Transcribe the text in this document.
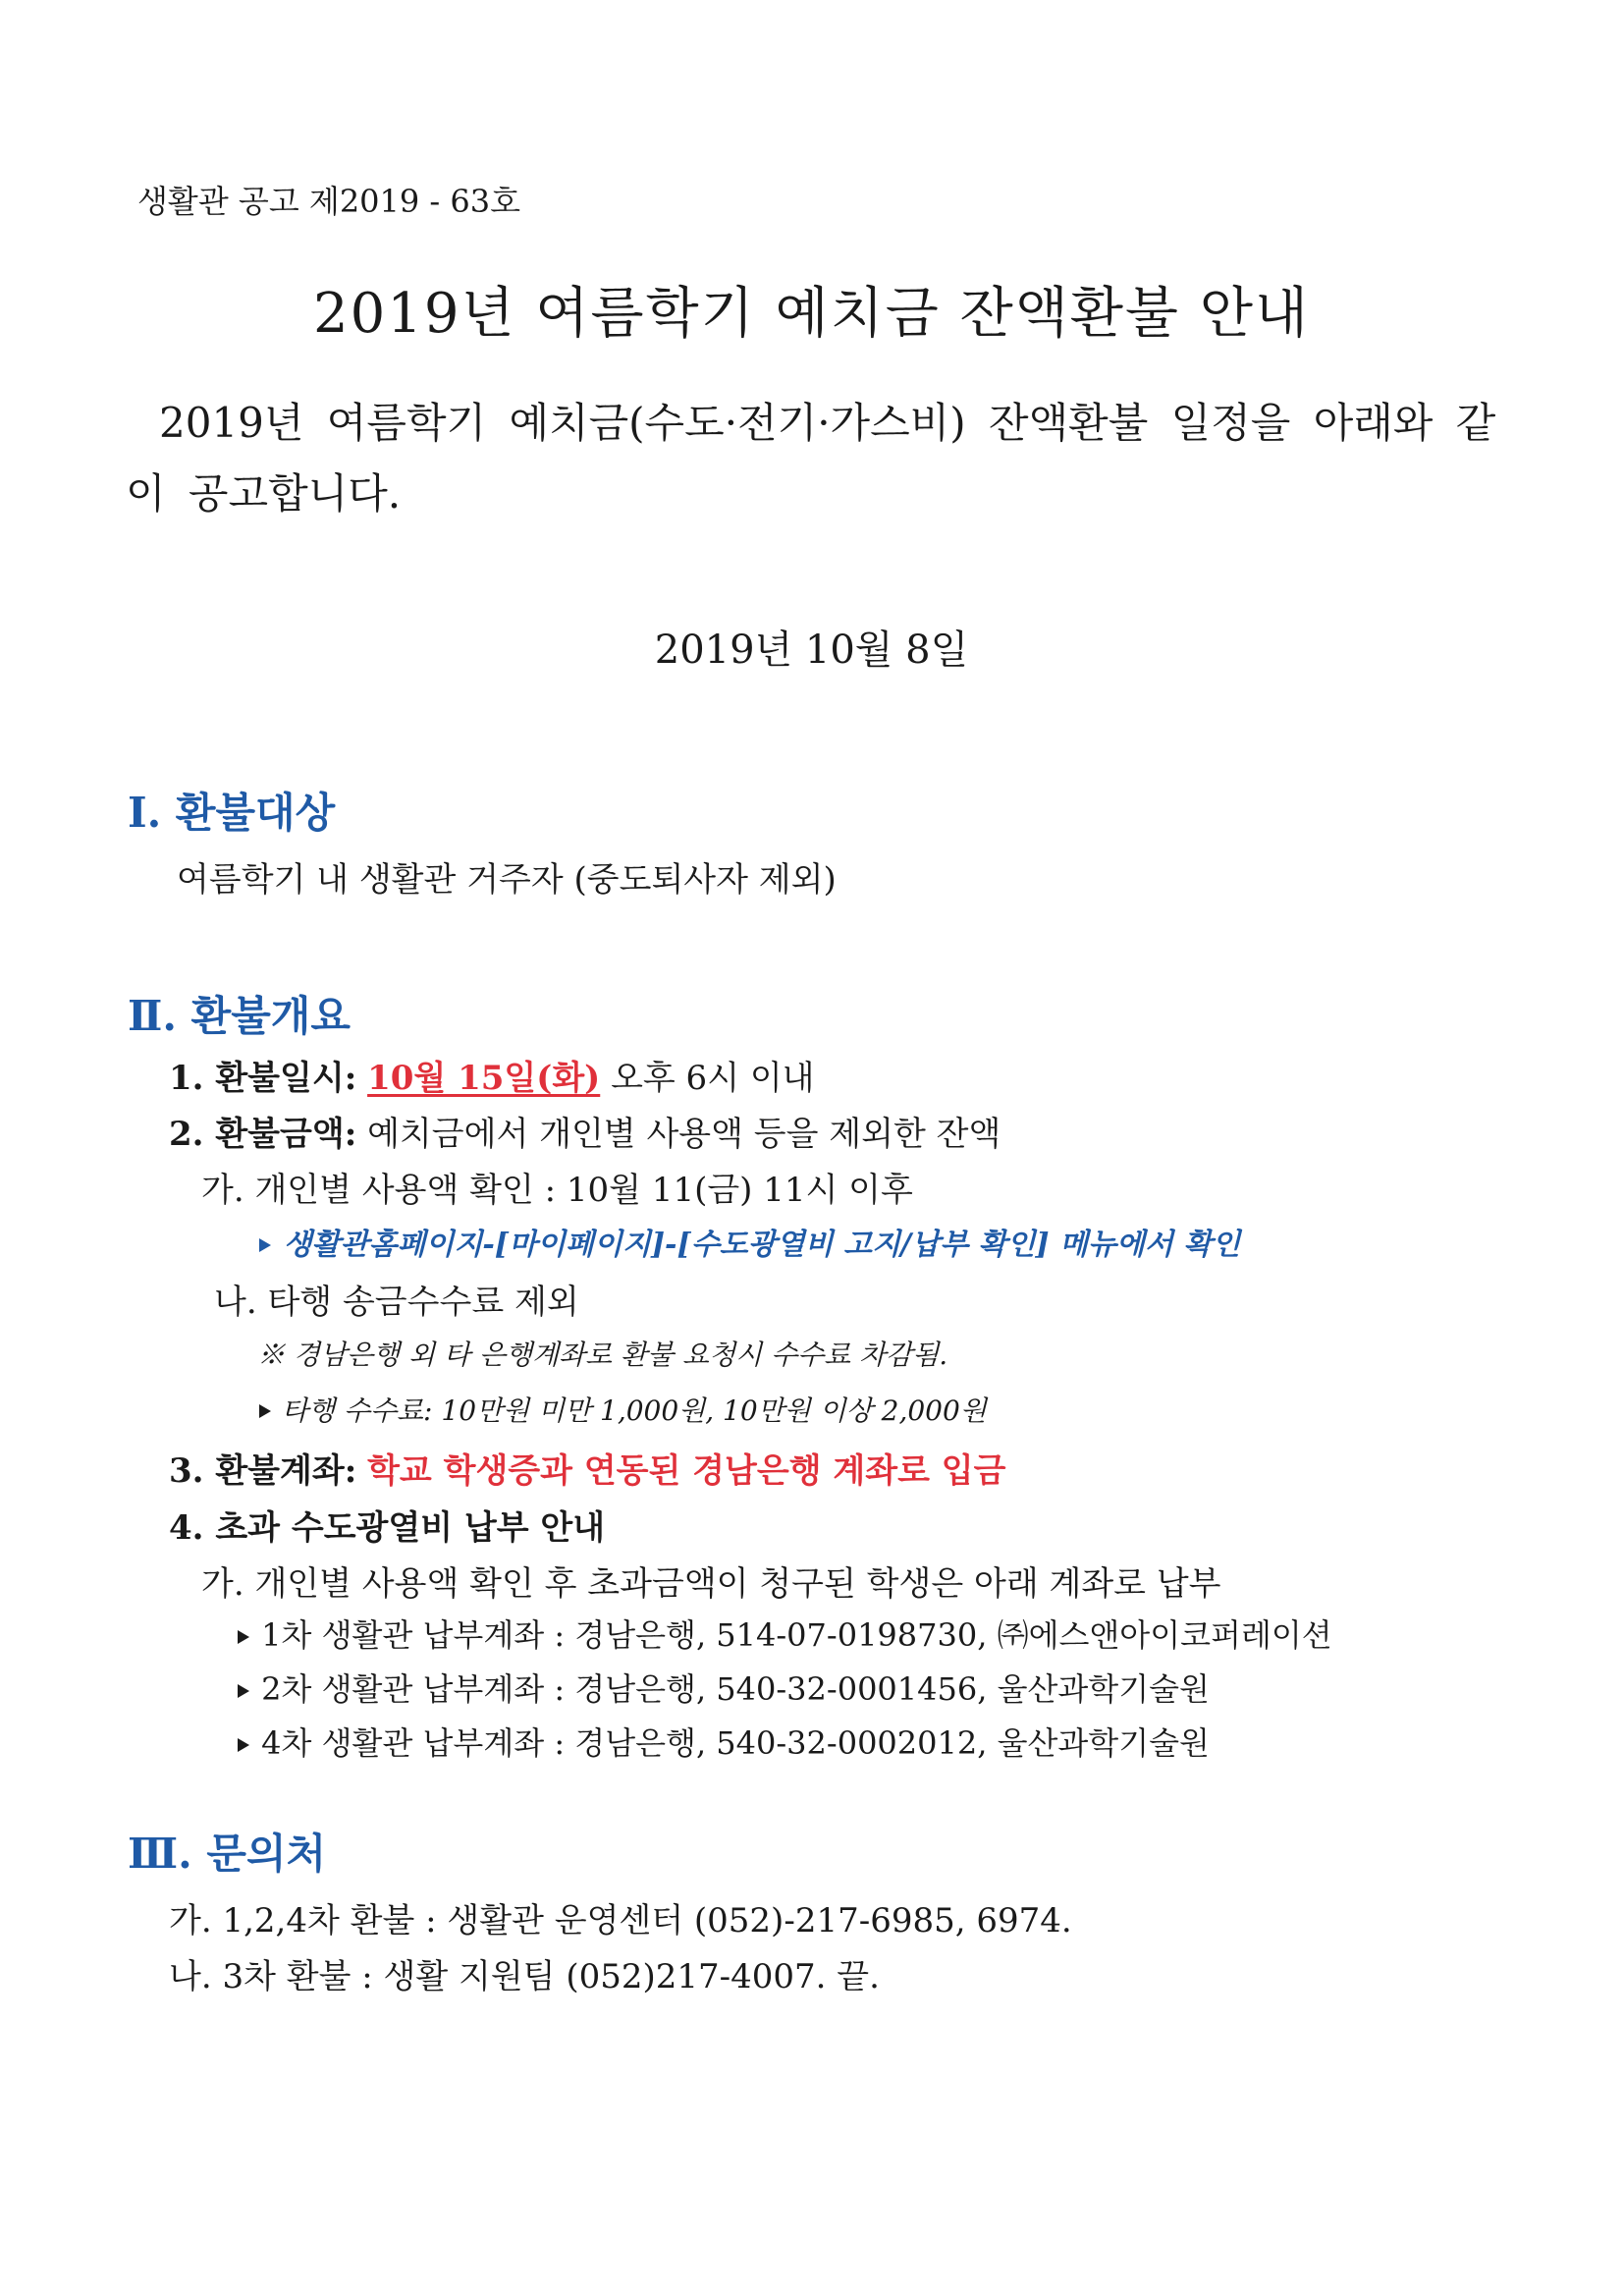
생활관 공고 제2019 - 63호
2019년 여름학기 예치금 잔액환불 안내
2019년 여름학기 예치금(수도·전기·가스비) 잔액환불 일정을 아래와 같이 공고합니다.
2019년 10월 8일
Ⅰ. 환불대상
여름학기 내 생활관 거주자 (중도퇴사자 제외)
Ⅱ. 환불개요
1. 환불일시: 10월 15일(화) 오후 6시 이내
2. 환불금액: 예치금에서 개인별 사용액 등을 제외한 잔액
가. 개인별 사용액 확인 : 10월 11(금) 11시 이후
생활관홈페이지-[마이페이지]-[수도광열비 고지/납부 확인] 메뉴에서 확인
나. 타행 송금수수료 제외
※ 경남은행 외 타 은행계좌로 환불 요청시 수수료 차감됨.
타행 수수료: 10만원 미만 1,000원, 10만원 이상 2,000원
3. 환불계좌: 학교 학생증과 연동된 경남은행 계좌로 입금
4. 초과 수도광열비 납부 안내
가. 개인별 사용액 확인 후 초과금액이 청구된 학생은 아래 계좌로 납부
1차 생활관 납부계좌 : 경남은행, 514-07-0198730, ㈜에스앤아이코퍼레이션
2차 생활관 납부계좌 : 경남은행, 540-32-0001456, 울산과학기술원
4차 생활관 납부계좌 : 경남은행, 540-32-0002012, 울산과학기술원
Ⅲ. 문의처
가. 1,2,4차 환불 : 생활관 운영센터 (052)-217-6985, 6974.
나. 3차 환불 : 생활 지원팀 (052)217-4007. 끝.
